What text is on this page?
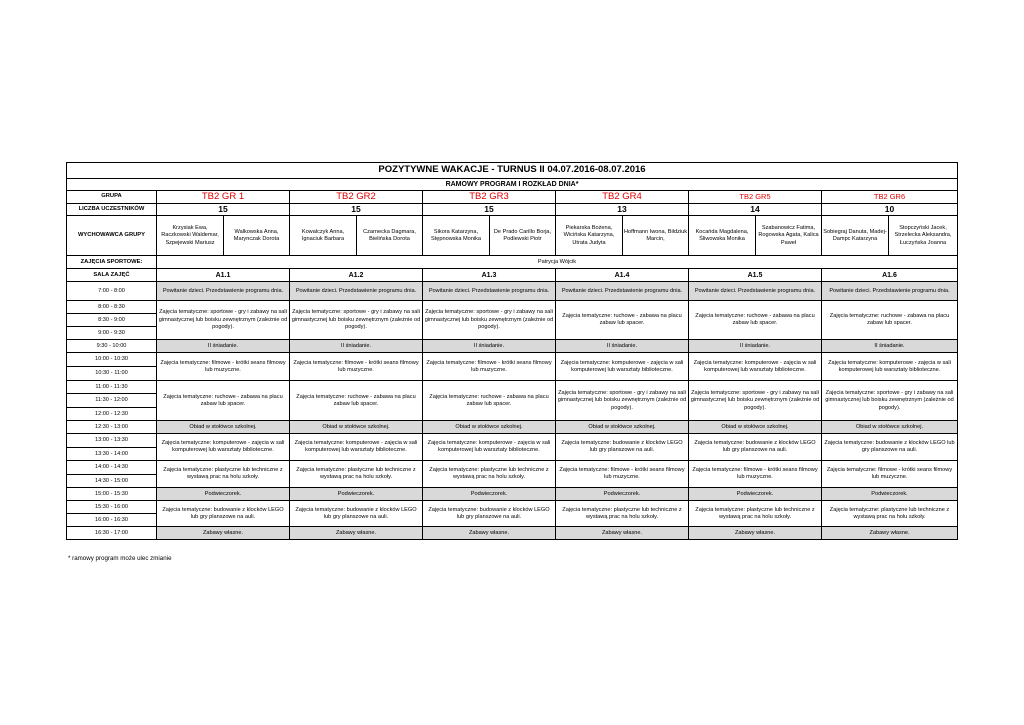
POZYTYWNE WAKACJE - TURNUS II 04.07.2016-08.07.2016												
RAMOWY PROGRAM I ROZKŁAD DNIA*												
GRUPA	TB2 GR 1		TB2 GR2		TB2 GR3		TB2 GR4		TB2 GR5		TB2 GR6	
LICZBA UCZESTNIKÓW	15		15		15		13		14		10	
WYCHOWAWCA GRUPY	Krzysiak Ewa, Raczkowski Waldemar, Szpejewski Mariusz	Walkowska Anna, Marynczak Dorota	Kowalczyk Anna, Ignaciuk Barbara	Czarnecka Dagmara, Bielińska Dorota	Sikora Katarzyna, Stępnowska Monika	De Prado Carillo Borja, Podlewski Piotr	Piekarska Bożena, Wicińska Katarzyna, Utrata Judyta	Hoffmann Iwona, Bildziuk Marcin,	Kocańda Magdalena, Śliwowska Monika	Szabanowicz Fatima, Rogowska Agata, Kalica Paweł	Sobiegraj Danuta, Madej-Dampc Katarzyna	Stopczyński Jacek, Strzelecka Aleksandra, Łuczyńska Joanna
ZAJĘCIA SPORTOWE:	Patrycja Wójcik											
SALA ZAJĘĆ	A1.1		A1.2		A1.3		A1.4		A1.5		A1.6	
7:00 - 8:00	Powitanie dzieci. Przedstawienie programu dnia.		Powitanie dzieci. Przedstawienie programu dnia.		Powitanie dzieci. Przedstawienie programu dnia.		Powitanie dzieci. Przedstawienie programu dnia.		Powitanie dzieci. Przedstawienie programu dnia.		Powitanie dzieci. Przedstawienie programu dnia.	
8:00 - 8:30	Zajęcia tematyczne: sportowe - gry i zabawy na sali gimnastycznej lub boisku zewnętrznym (zależnie od pogody).		Zajęcia tematyczne: sportowe - gry i zabawy na sali gimnastycznej lub boisku zewnętrznym (zależnie od pogody).		Zajęcia tematyczne: sportowe - gry i zabawy na sali gimnastycznej lub boisku zewnętrznym (zależnie od pogody).		Zajęcia tematyczne: ruchowe - zabawa na placu zabaw lub spacer.		Zajęcia tematyczne: ruchowe - zabawa na placu zabaw lub spacer.		Zajęcia tematyczne: ruchowe - zabawa na placu zabaw lub spacer.	
8:30 - 9:00												
9:00 - 9:30												
9:30 - 10:00	II śniadanie.		II śniadanie.		II śniadanie.		II śniadanie.		II śniadanie.		II śniadanie.	
10:00 - 10:30	Zajęcia tematyczne: filmowe - krótki seans filmowy lub muzyczne.		Zajęcia tematyczne: filmowe - krótki seans filmowy lub muzyczne.		Zajęcia tematyczne: filmowe - krótki seans filmowy lub muzyczne.		Zajęcia tematyczne: komputerowe - zajęcia w sali komputerowej lub warsztaty biblioteczne.		Zajęcia tematyczne: komputerowe - zajęcia w sali komputerowej lub warsztaty biblioteczne.		Zajęcia tematyczne: komputerowe - zajęcia w sali komputerowej lub warsztaty biblioteczne.	
10:30 - 11:00												
11:00 - 11:30	Zajęcia tematyczne: ruchowe - zabawa na placu zabaw lub spacer.		Zajęcia tematyczne: ruchowe - zabawa na placu zabaw lub spacer.		Zajęcia tematyczne: ruchowe - zabawa na placu zabaw lub spacer.		Zajęcia tematyczne: sportowe - gry i zabawy na sali gimnastycznej lub boisku zewnętrznym (zależnie od pogody).		Zajęcia tematyczne: sportowe - gry i zabawy na sali gimnastycznej lub boisku zewnętrznym (zależnie od pogody).		Zajęcia tematyczne: sportowe - gry i zabawy na sali gimnastycznej lub boisku zewnętrznym (zależnie od pogody).	
11:30 - 12:00												
12:00 - 12:30												
12:30 - 13:00	Obiad w stołówce szkolnej.		Obiad w stołówce szkolnej.		Obiad w stołówce szkolnej.		Obiad w stołówce szkolnej.		Obiad w stołówce szkolnej.		Obiad w stołówce szkolnej.	
13:00 - 13:30	Zajęcia tematyczne: komputerowe - zajęcia w sali komputerowej lub warsztaty biblioteczne.		Zajęcia tematyczne: komputerowe - zajęcia w sali komputerowej lub warsztaty biblioteczne.		Zajęcia tematyczne: komputerowe - zajęcia w sali komputerowej lub warsztaty biblioteczne.		Zajęcia tematyczne: budowanie z klocków LEGO lub gry planszowe na auli.		Zajęcia tematyczne: budowanie z klocków LEGO lub gry planszowe na auli.		Zajęcia tematyczne: budowanie z klocków LEGO lub gry planszowe na auli.	
13:30 - 14:00												
14:00 - 14:30	Zajęcia tematyczne: plastyczne lub techniczne z wystawą prac na holu szkoły.		Zajęcia tematyczne: plastyczne lub techniczne z wystawą prac na holu szkoły.		Zajęcia tematyczne: plastyczne lub techniczne z wystawą prac na holu szkoły.		Zajęcia tematyczne: filmowe - krótki seans filmowy lub muzyczne.		Zajęcia tematyczne: filmowe - krótki seans filmowy lub muzyczne.		Zajęcia tematyczne: filmowe - krótki seans filmowy lub muzyczne.	
14:30 - 15:00												
15:00 - 15:30	Podwieczorek.		Podwieczorek.		Podwieczorek.		Podwieczorek.		Podwieczorek.		Podwieczorek.	
15:30 - 16:00	Zajęcia tematyczne: budowanie z klocków LEGO lub gry planszowe na auli.		Zajęcia tematyczne: budowanie z klocków LEGO lub gry planszowe na auli.		Zajęcia tematyczne: budowanie z klocków LEGO lub gry planszowe na auli.		Zajęcia tematyczne: plastyczne lub techniczne z wystawą prac na holu szkoły.		Zajęcia tematyczne: plastyczne lub techniczne z wystawą prac na holu szkoły.		Zajęcia tematyczne: plastyczne lub techniczne z wystawą prac na holu szkoły.	
16:00 - 16:30												
16:30 - 17:00	Zabawy własne.		Zabawy własne.		Zabawy własne.		Zabawy własne.		Zabawy własne.		Zabawy własne.	
* ramowy program może ulec zmianie
